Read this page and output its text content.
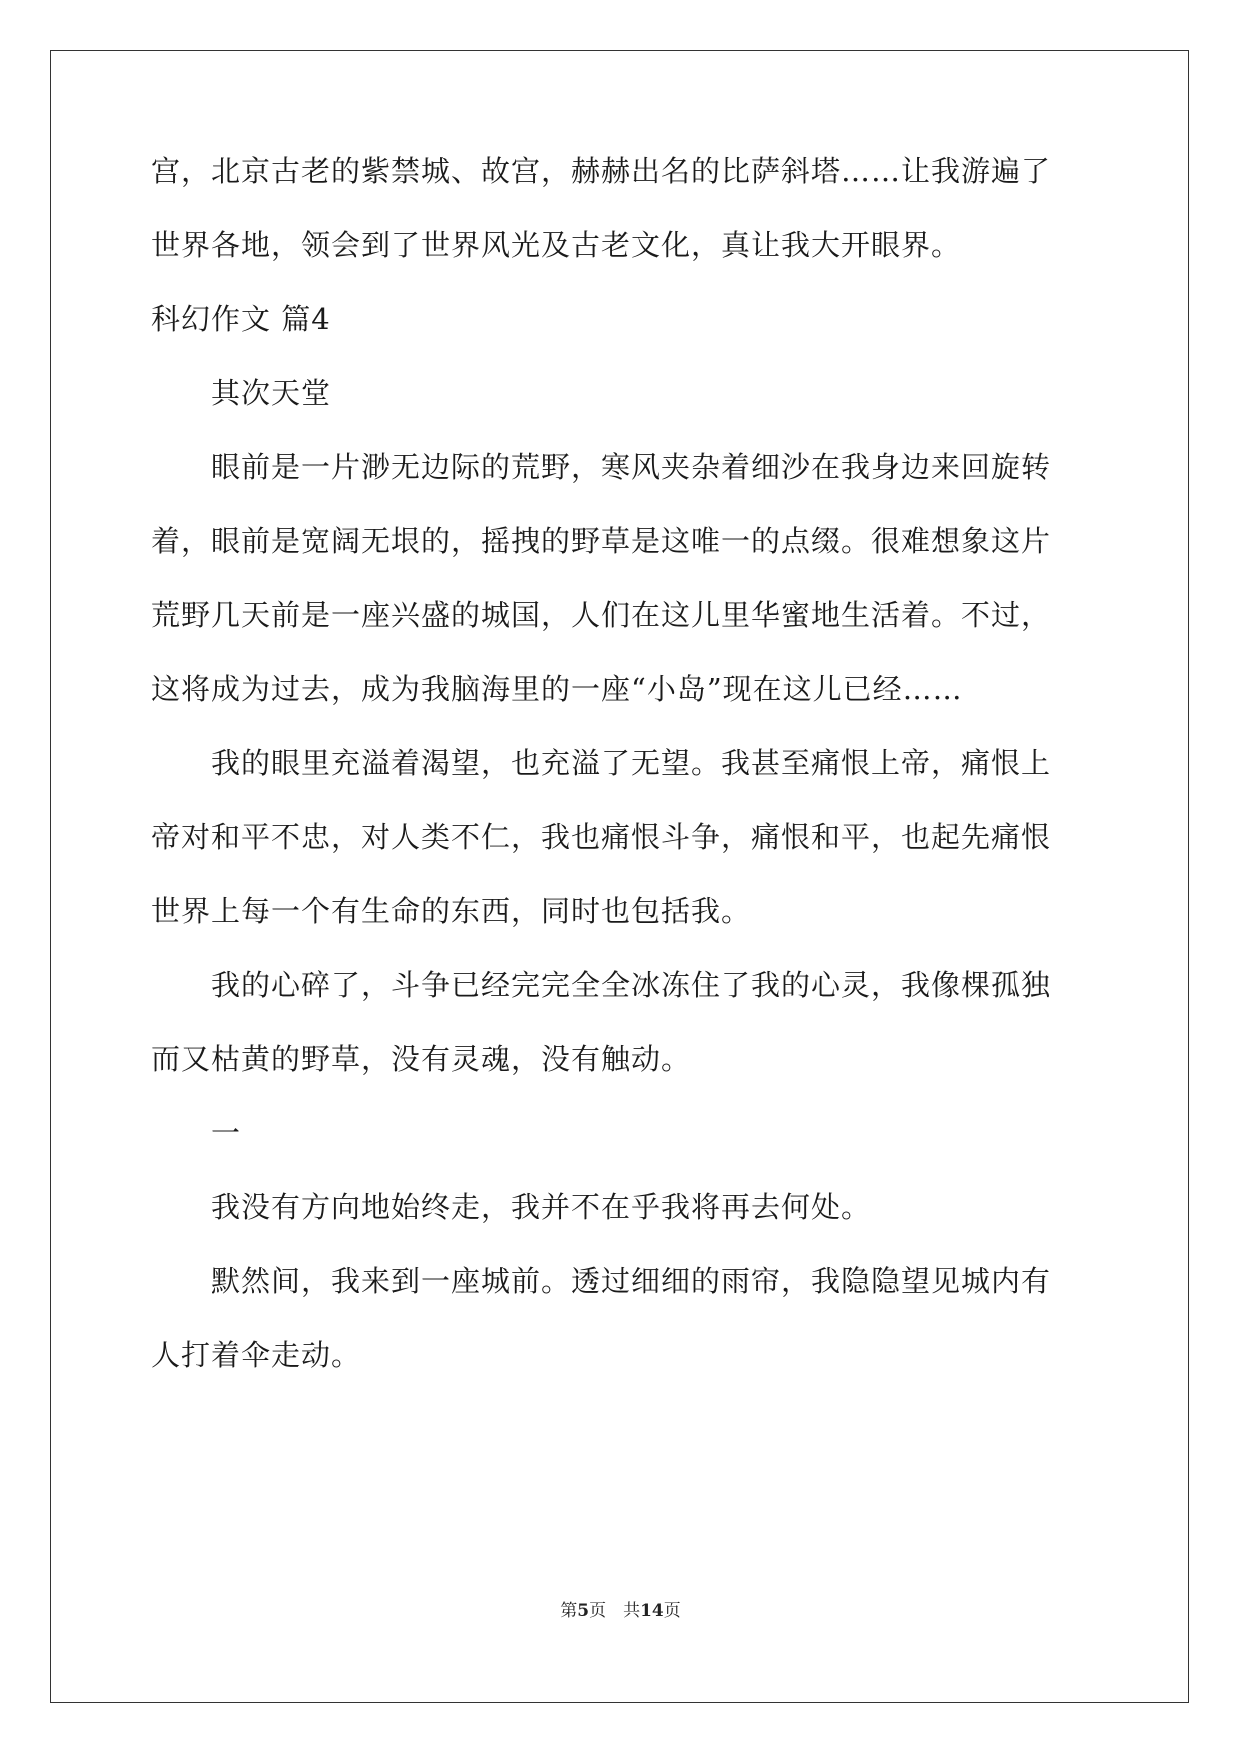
宫，北京古老的紫禁城、故宫，赫赫出名的比萨斜塔……让我游遍了
世界各地，领会到了世界风光及古老文化，真让我大开眼界。
科幻作文 篇4
其次天堂
眼前是一片渺无边际的荒野，寒风夹杂着细沙在我身边来回旋转
着，眼前是宽阔无垠的，摇拽的野草是这唯一的点缀。很难想象这片
荒野几天前是一座兴盛的城国，人们在这儿里华蜜地生活着。不过，
这将成为过去，成为我脑海里的一座“小岛”现在这儿已经……
我的眼里充溢着渴望，也充溢了无望。我甚至痛恨上帝，痛恨上
帝对和平不忠，对人类不仁，我也痛恨斗争，痛恨和平，也起先痛恨
世界上每一个有生命的东西，同时也包括我。
我的心碎了，斗争已经完完全全冰冻住了我的心灵，我像棵孤独
而又枯黄的野草，没有灵魂，没有触动。
一
我没有方向地始终走，我并不在乎我将再去何处。
默然间，我来到一座城前。透过细细的雨帘，我隐隐望见城内有
人打着伞走动。
第5页　共14页
